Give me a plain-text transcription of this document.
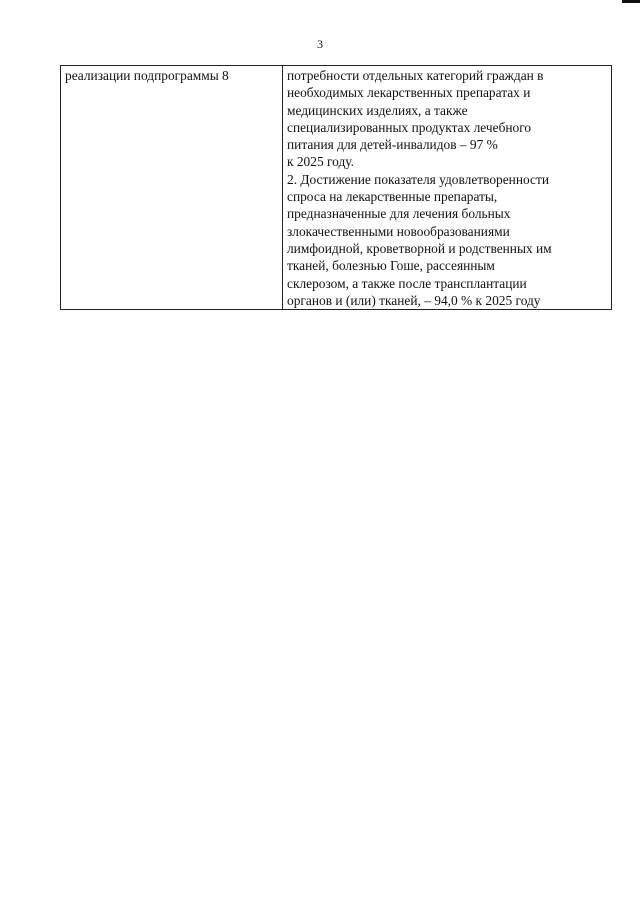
3
реализации подпрограммы 8	потребности отдельных категорий граждан в
необходимых лекарственных препаратах и
медицинских изделиях, а также
специализированных продуктах лечебного
питания для детей-инвалидов – 97 %
к 2025 году.
2. Достижение показателя удовлетворенности
спроса на лекарственные препараты,
предназначенные для лечения больных
злокачественными новообразованиями
лимфоидной, кроветворной и родственных им
тканей, болезнью Гоше, рассеянным
склерозом, а также после трансплантации
органов и (или) тканей, – 94,0 % к 2025 году
